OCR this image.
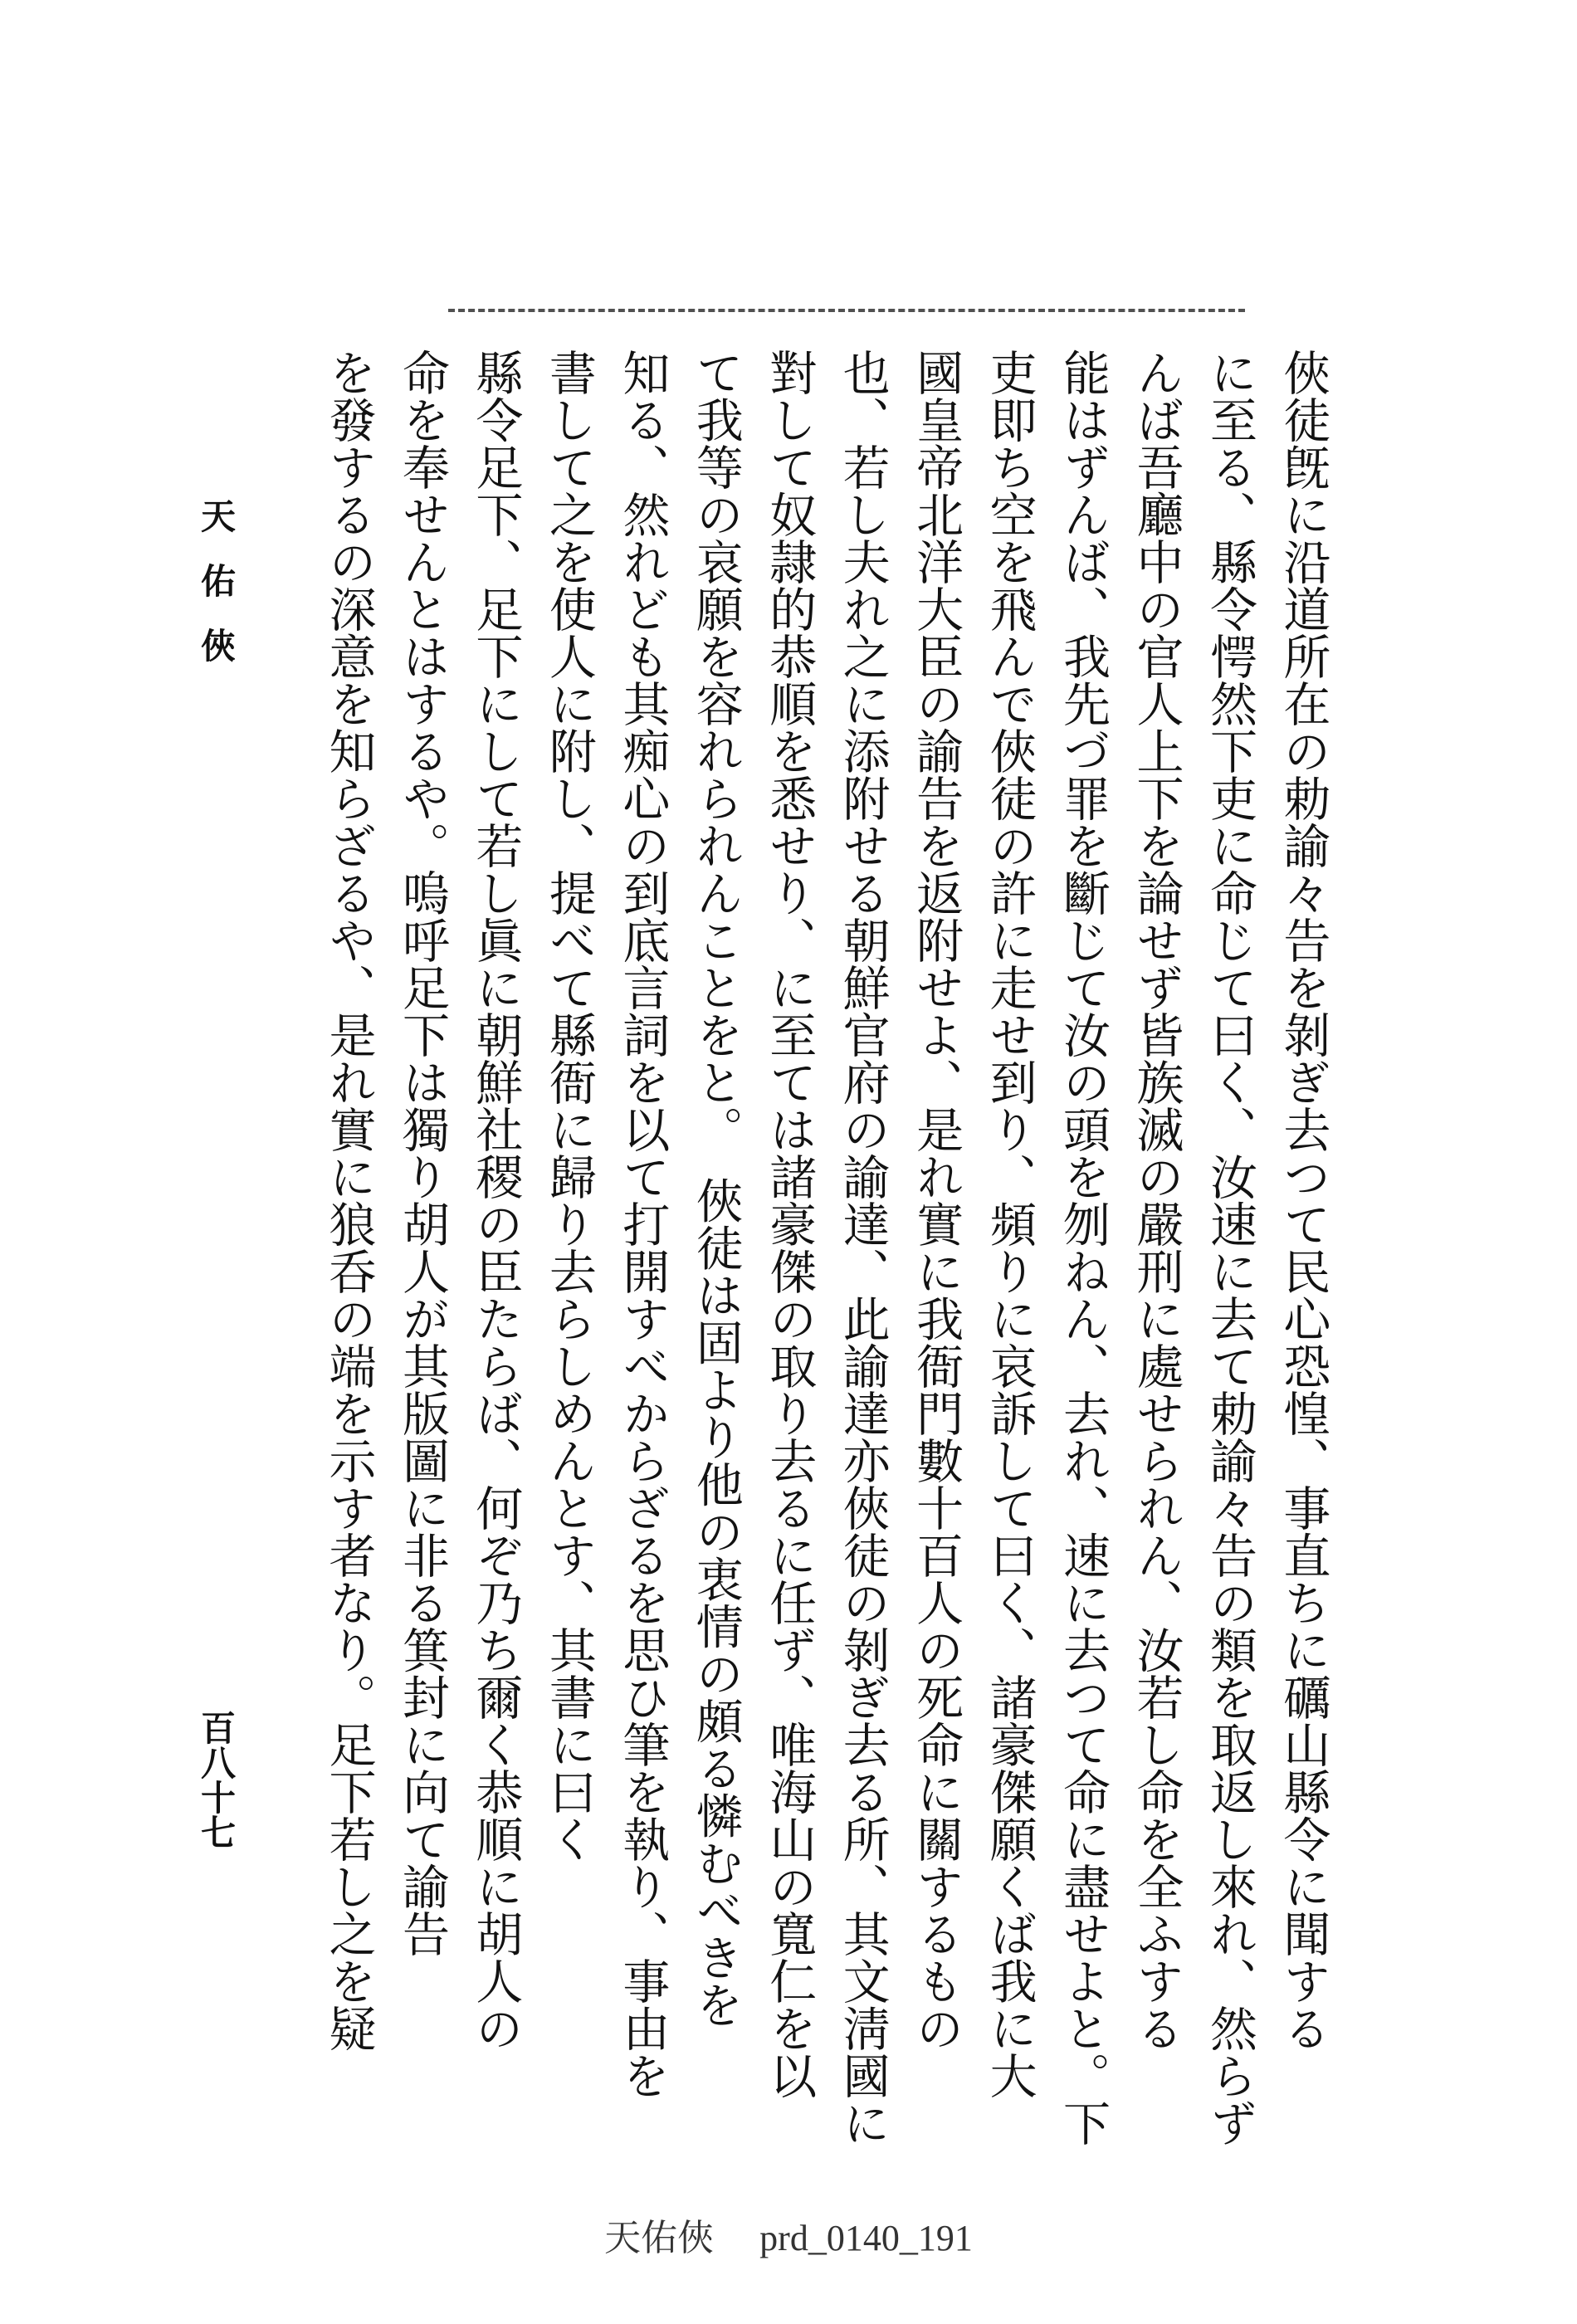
俠徒旣に沿道所在の勅諭々告を剝ぎ去つて民心恐惶、事直ちに礪山縣令に聞する
に至る、縣令愕然下吏に命じて曰く、汝速に去て勅諭々告の類を取返し來れ、然らず
んば吾廳中の官人上下を論せず皆族滅の嚴刑に處せられん、汝若し命を全ふする
能はずんば、我先づ罪を斷じて汝の頭を刎ねん、去れ、速に去つて命に盡せよと。下
吏即ち空を飛んで俠徒の許に走せ到り、頻りに哀訴して曰く、諸豪傑願くば我に大
國皇帝北洋大臣の諭告を返附せよ、是れ實に我衙門數十百人の死命に關するもの
也、若し夫れ之に添附せる朝鮮官府の諭達、此諭達亦俠徒の剝ぎ去る所、其文淸國に
對して奴隷的恭順を悉せり、に至ては諸豪傑の取り去るに任ず、唯海山の寬仁を以
て我等の哀願を容れられんことをと。　俠徒は固より他の衷情の頗る憐むべきを
知る、然れども其痴心の到底言詞を以て打開すべからざるを思ひ筆を執り、事由を
書して之を使人に附し、提べて縣衙に歸り去らしめんとす、其書に曰く
縣令足下、足下にして若し眞に朝鮮社稷の臣たらば、何ぞ乃ち爾く恭順に胡人の
命を奉せんとはするや。嗚呼足下は獨り胡人が其版圖に非る箕封に向て諭告
を發するの深意を知らざるや、是れ實に狼呑の端を示す者なり。足下若し之を疑
天佑俠
百八十七
天佑俠　 prd_0140_191
